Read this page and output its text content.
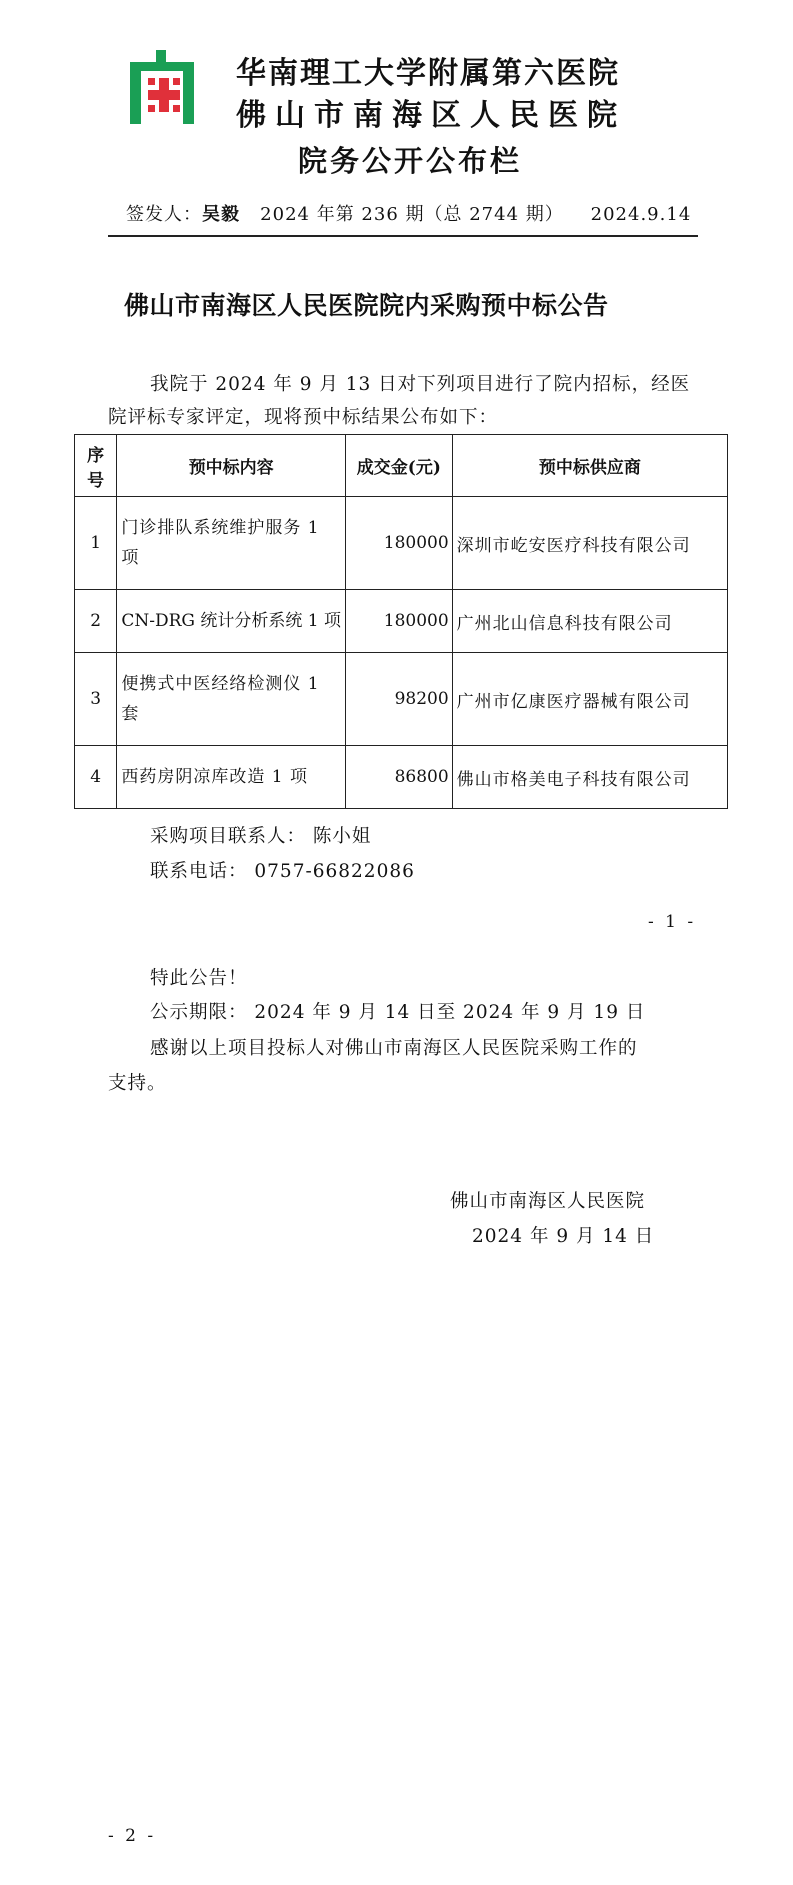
华南理工大学附属第六医院
佛山市南海区人民医院
院务公开公布栏
签发人：吴毅 2024 年第 236 期（总 2744 期） 2024.9.14
佛山市南海区人民医院院内采购预中标公告
我院于 2024 年 9 月 13 日对下列项目进行了院内招标，经医
院评标专家评定，现将预中标结果公布如下：
序号	预中标内容	成交金(元)	预中标供应商
1	门诊排队系统维护服务 1 项	180000	深圳市屹安医疗科技有限公司
2	CN-DRG 统计分析系统 1 项	180000	广州北山信息科技有限公司
3	便携式中医经络检测仪 1 套	98200	广州市亿康医疗器械有限公司
4	西药房阴凉库改造 1 项	86800	佛山市格美电子科技有限公司
采购项目联系人： 陈小姐
联系电话： 0757-66822086
- 1 -
特此公告！
公示期限： 2024 年 9 月 14 日至 2024 年 9 月 19 日
感谢以上项目投标人对佛山市南海区人民医院采购工作的
支持。
佛山市南海区人民医院
2024 年 9 月 14 日
- 2 -
